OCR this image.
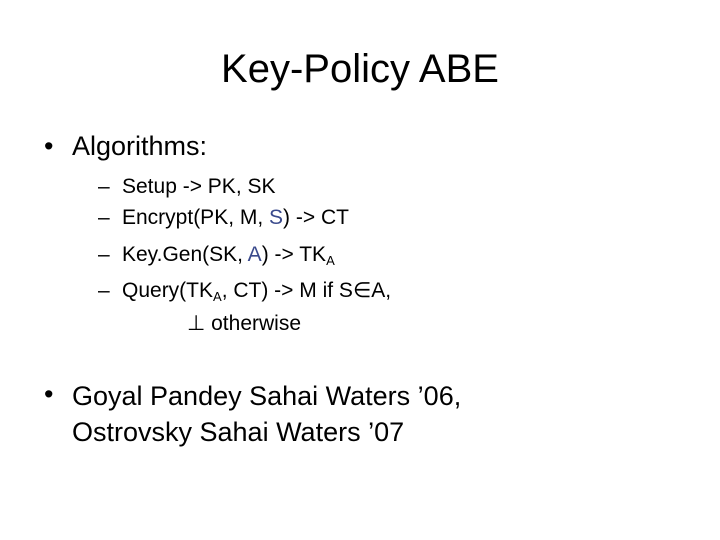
Key-Policy ABE
• Algorithms:
– Setup -> PK, SK
– Encrypt(PK, M, S) -> CT
– Key.Gen(SK, $A) -> TK_A$
– $Query(TK_A$, CT) -> M if S∈A,
⊥ otherwise
• Goyal Pandey Sahai Waters ’06,
Ostrovsky Sahai Waters ’07
